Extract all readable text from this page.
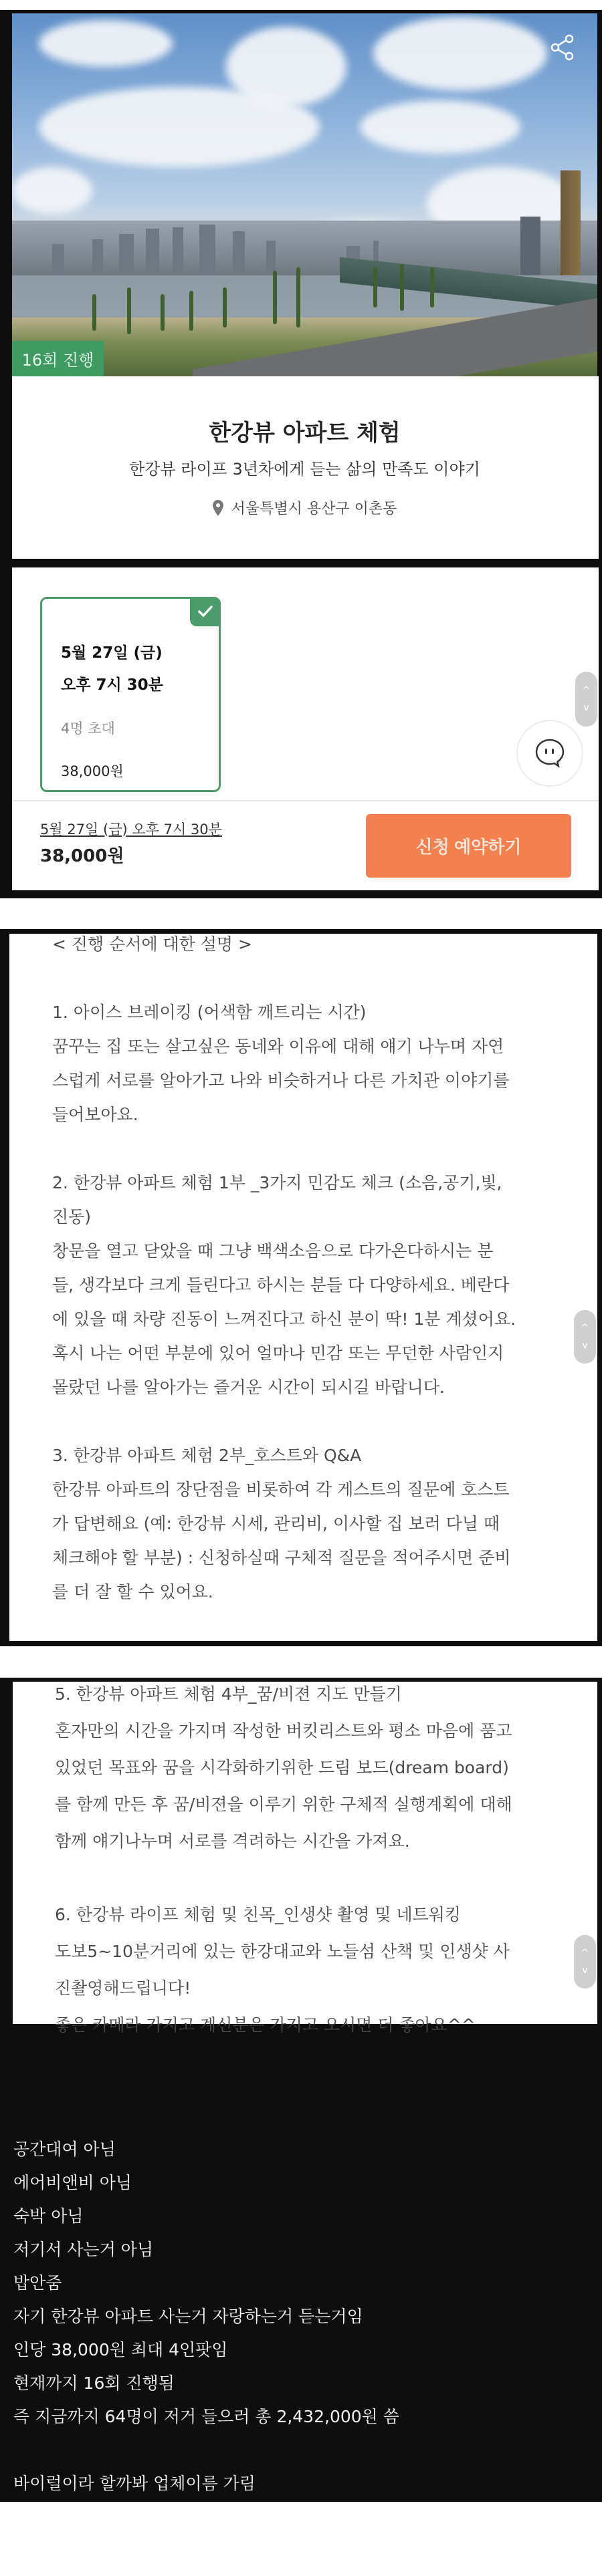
16회 진행
한강뷰 아파트 체험
한강뷰 라이프 3년차에게 듣는 삶의 만족도 이야기
서울특별시 용산구 이촌동
5월 27일 (금)
오후 7시 30분
4명 초대
38,000원
^
v
5월 27일 (금) 오후 7시 30분
38,000원	신청 예약하기
< 진행 순서에 대한 설명 >
1. 아이스 브레이킹 (어색함 깨트리는 시간)
꿈꾸는 집 또는 살고싶은 동네와 이유에 대해 얘기 나누며 자연
스럽게 서로를 알아가고 나와 비슷하거나 다른 가치관 이야기를
들어보아요.
2. 한강뷰 아파트 체험 1부 _3가지 민감도 체크 (소음,공기,빛,
진동)
창문을 열고 닫았을 때 그냥 백색소음으로 다가온다하시는 분
들, 생각보다 크게 들린다고 하시는 분들 다 다양하세요. 베란다
에 있을 때 차량 진동이 느껴진다고 하신 분이 딱! 1분 계셨어요.
혹시 나는 어떤 부분에 있어 얼마나 민감 또는 무던한 사람인지
몰랐던 나를 알아가는 즐거운 시간이 되시길 바랍니다.
3. 한강뷰 아파트 체험 2부_호스트와 Q&A
한강뷰 아파트의 장단점을 비롯하여 각 게스트의 질문에 호스트
가 답변해요 (예: 한강뷰 시세, 관리비, 이사할 집 보러 다닐 때
체크해야 할 부분) : 신청하실때 구체적 질문을 적어주시면 준비
를 더 잘 할 수 있어요.
^
v
5. 한강뷰 아파트 체험 4부_꿈/비젼 지도 만들기
혼자만의 시간을 가지며 작성한 버킷리스트와 평소 마음에 품고
있었던 목표와 꿈을 시각화하기위한 드림 보드(dream board)
를 함께 만든 후 꿈/비젼을 이루기 위한 구체적 실행계획에 대해
함께 얘기나누며 서로를 격려하는 시간을 가져요.
6. 한강뷰 라이프 체험 및 친목_인생샷 촬영 및 네트워킹
도보5~10분거리에 있는 한강대교와 노들섬 산책 및 인생샷 사
진촬영해드립니다!
좋은 카메라 가지고 계신분은 가지고 오시면 더 좋아요^^
^
v
공간대여 아님
에어비앤비 아님
숙박 아님
저기서 사는거 아님
밥안줌
자기 한강뷰 아파트 사는거 자랑하는거 듣는거임
인당 38,000원 최대 4인팟임
현재까지 16회 진행됨
즉 지금까지 64명이 저거 들으러 총 2,432,000원 씀
바이럴이라 할까봐 업체이름 가림
